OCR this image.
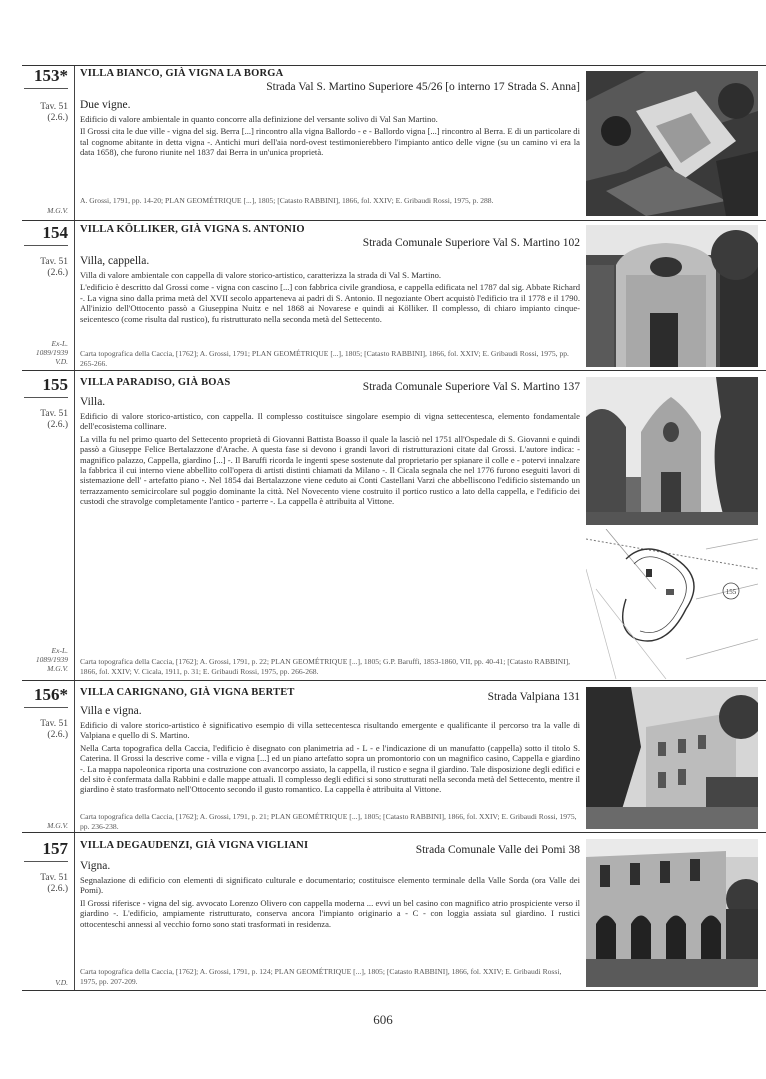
153*
Tav. 51
(2.6.)
M.G.V.
VILLA BIANCO, GIÀ VIGNA LA BORGA
Strada Val S. Martino Superiore 45/26 [o interno 17 Strada S. Anna]
Due vigne.

Edificio di valore ambientale in quanto concorre alla definizione del versante solivo di Val San Martino.

Il Grossi cita le due ville - vigna del sig. Berra [...] rincontro alla vigna Ballordo - e - Ballordo vigna [...] rincontro al Berra. E di un particolare di tal cognome abitante in detta vigna -. Antichi muri dell'aia nord-ovest testimonierebbero l'impianto antico delle vigne (su un camino vi era la data 1658), che furono riunite nel 1837 dai Berra in un'unica proprietà.

A. Grossi, 1791, pp. 14-20; PLAN GEOMÉTRIQUE [...], 1805; [Catasto RABBINI], 1866, fol. XXIV; E. Gribaudi Rossi, 1975, p. 288.
154
Tav. 51
(2.6.)
Ex-L.
1089/1939
V.D.
VILLA KÖLLIKER, GIÀ VIGNA S. ANTONIO
Strada Comunale Superiore Val S. Martino 102
Villa, cappella.

Villa di valore ambientale con cappella di valore storico-artistico, caratterizza la strada di Val S. Martino.

L'edificio è descritto dal Grossi come - vigna con cascino [...] con fabbrica civile grandiosa, e cappella edificata nel 1787 dal sig. Abbate Richard -. La vigna sino dalla prima metà del XVII secolo apparteneva ai padri di S. Antonio. Il negoziante Obert acquistò l'edificio tra il 1778 e il 1790. All'inizio dell'Ottocento passò a Giuseppina Nuitz e nel 1868 ai Novarese e quindi ai Kölliker. Il complesso, di chiaro impianto cinque-seicentesco (come risulta dal rustico), fu ristrutturato nella seconda metà del Settecento.

Carta topografica della Caccia, [1762]; A. Grossi, 1791; PLAN GEOMÉTRIQUE [...], 1805; [Catasto RABBINI], 1866, fol. XXIV; E. Gribaudi Rossi, 1975, pp. 265-266.
155
Tav. 51
(2.6.)
Ex-L.
1089/1939
M.G.V.
VILLA PARADISO, GIÀ BOAS	Strada Comunale Superiore Val S. Martino 137
Villa.

Edificio di valore storico-artistico, con cappella. Il complesso costituisce singolare esempio di vigna settecentesca, elemento fondamentale dell'ecosistema collinare.

La villa fu nel primo quarto del Settecento proprietà di Giovanni Battista Boasso il quale la lasciò nel 1751 all'Ospedale di S. Giovanni e quindi passò a Giuseppe Felice Bertalazzone d'Arache. A questa fase si devono i grandi lavori di ristrutturazioni citate dal Grossi. L'autore indica: - magnifico palazzo, Cappella, giardino [...] -. Il Baruffi ricorda le ingenti spese sostenute dal proprietario per spianare il colle e - potervi innalzare la fabbrica il cui interno viene abbellito coll'opera di artisti distinti chiamati da Milano -. Il Cicala segnala che nel 1776 furono eseguiti lavori di sistemazione dell' - artefatto piano -. Nel 1854 dai Bertalazzone viene ceduto ai Conti Castellani Varzi che abbelliscono l'edificio sistemando un terrazzamento semicircolare sul poggio dominante la città. Nel Novecento viene costruito il portico rustico a lato della cappella, e l'edificio dei custodi che stravolge completamente l'antico - parterre -. La cappella è attribuita al Vittone.

Carta topografica della Caccia, [1762]; A. Grossi, 1791, p. 22; PLAN GEOMÉTRIQUE [...], 1805; G.P. Baruffi, 1853-1860, VII, pp. 40-41; [Catasto RABBINI], 1866, fol. XXIV; V. Cicala, 1911, p. 31; E. Gribaudi Rossi, 1975, pp. 266-268.
155
156*
Tav. 51
(2.6.)
M.G.V.
VILLA CARIGNANO, GIÀ VIGNA BERTET	Strada Valpiana 131
Villa e vigna.

Edificio di valore storico-artistico è significativo esempio di villa settecentesca risultando emergente e qualificante il percorso tra la valle di Valpiana e quello di S. Martino.

Nella Carta topografica della Caccia, l'edificio è disegnato con planimetria ad - L - e l'indicazione di un manufatto (cappella) sotto il titolo S. Caterina. Il Grossi la descrive come - villa e vigna [...] ed un piano artefatto sopra un promontorio con un magnifico casino, Cappella e giardino -. La mappa napoleonica riporta una costruzione con avancorpo assiato, la cappella, il rustico e segna il giardino. Tale disposizione degli edifici e del sito è confermata dalla Rabbini e dalle mappe attuali. Il complesso degli edifici si sono strutturati nella seconda metà del Settecento, mentre il giardino è stato trasformato nell'Ottocento secondo il gusto romantico. La cappella è attribuita al Vittone.

Carta topografica della Caccia, [1762]; A. Grossi, 1791, p. 21; PLAN GEOMÉTRIQUE [...], 1805; [Catasto RABBINI], 1866, fol. XXIV; E. Gribaudi Rossi, 1975, pp. 236-238.
157
Tav. 51
(2.6.)
V.D.
VILLA DEGAUDENZI, GIÀ VIGNA VIGLIANI	Strada Comunale Valle dei Pomi 38
Vigna.

Segnalazione di edificio con elementi di significato culturale e documentario; costituisce elemento terminale della Valle Sorda (ora Valle dei Pomi).

Il Grossi riferisce - vigna del sig. avvocato Lorenzo Olivero con cappella moderna ... evvi un bel casino con magnifico atrio prospiciente verso il giardino -. L'edificio, ampiamente ristrutturato, conserva ancora l'impianto originario a - C - con loggia assiata sul giardino. I rustici ottocenteschi annessi al vecchio forno sono stati trasformati in residenza.

Carta topografica della Caccia, [1762]; A. Grossi, 1791, p. 124; PLAN GEOMÉTRIQUE [...], 1805; [Catasto RABBINI], 1866, fol. XXIV; E. Gribaudi Rossi, 1975, pp. 207-209.
606
